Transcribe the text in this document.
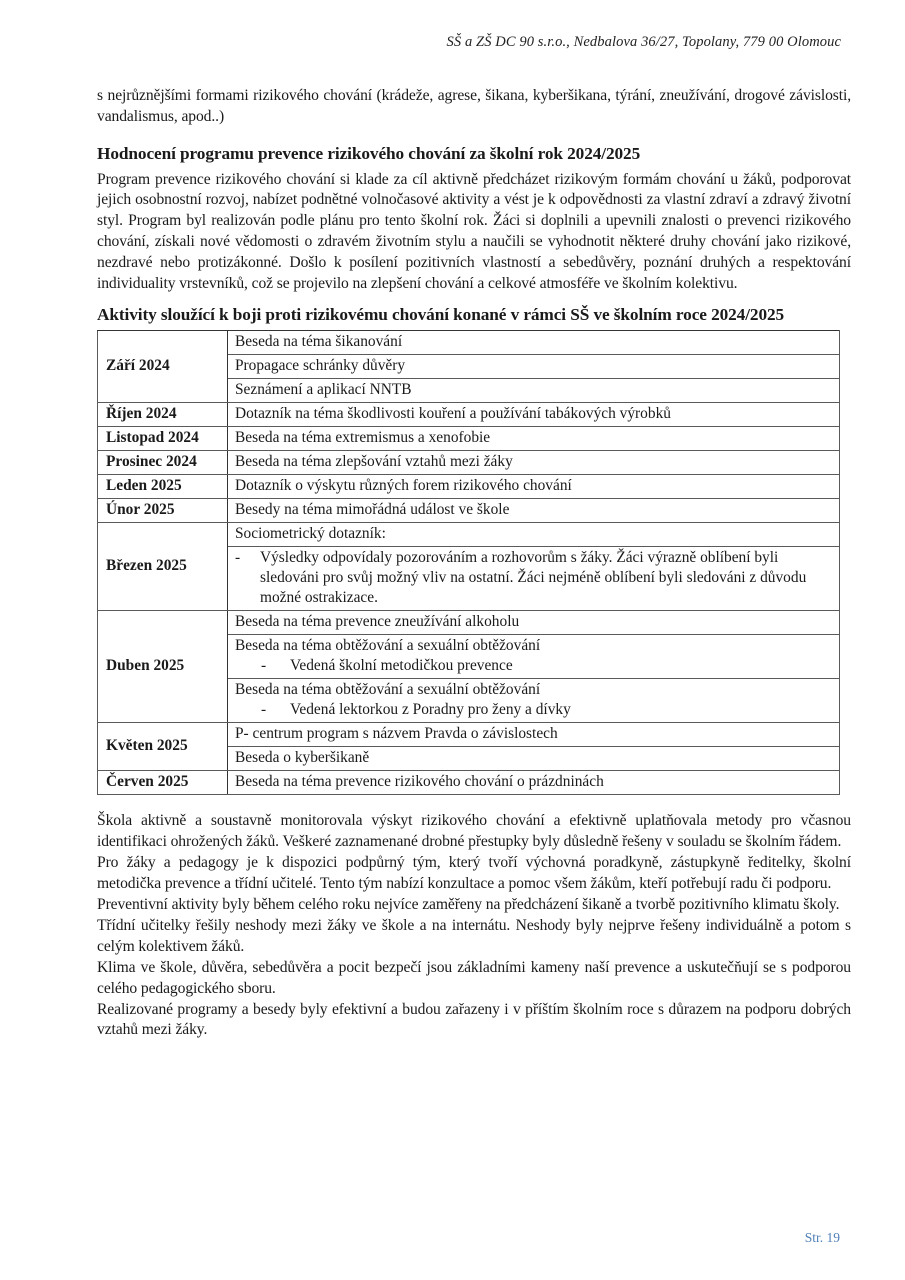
SŠ a ZŠ DC 90 s.r.o., Nedbalova 36/27, Topolany, 779 00 Olomouc

s nejrůznějšími formami rizikového chování (krádeže, agrese, šikana, kyberšikana, týrání, zneužívání, drogové závislosti, vandalismus, apod..)

Hodnocení programu prevence rizikového chování za školní rok 2024/2025

Program prevence rizikového chování si klade za cíl aktivně předcházet rizikovým formám chování u žáků, podporovat jejich osobnostní rozvoj, nabízet podnětné volnočasové aktivity a vést je k odpovědnosti za vlastní zdraví a zdravý životní styl. Program byl realizován podle plánu pro tento školní rok. Žáci si doplnili a upevnili znalosti o prevenci rizikového chování, získali nové vědomosti o zdravém životním stylu a naučili se vyhodnotit některé druhy chování jako rizikové, nezdravé nebo protizákonné. Došlo k posílení pozitivních vlastností a sebedůvěry, poznání druhých a respektování individuality vrstevníků, což se projevilo na zlepšení chování a celkové atmosféře ve školním kolektivu.

Aktivity sloužící k boji proti rizikovému chování konané v rámci SŠ ve školním roce 2024/2025
Září 2024	Beseda na téma šikanování
	Propagace schránky důvěry
	Seznámení a aplikací NNTB
Říjen 2024	Dotazník na téma škodlivosti kouření a používání tabákových výrobků
Listopad 2024	Beseda na téma extremismus a xenofobie
Prosinec 2024	Beseda na téma zlepšování vztahů mezi žáky
Leden 2025	Dotazník o výskytu různých forem rizikového chování
Únor 2025	Besedy na téma mimořádná událost ve škole
Březen 2025	Sociometrický dotazník:

	- Výsledky odpovídaly pozorováním a rozhovorům s žáky. Žáci výrazně oblíbení byli sledováni pro svůj možný vliv na ostatní. Žáci nejméně oblíbení byli sledováni z důvodu možné ostrakizace.

Duben 2025	Beseda na téma prevence zneužívání alkoholu

	Beseda na téma obtěžování a sexuální obtěžování
- Vedená školní metodičkou prevence

	Beseda na téma obtěžování a sexuální obtěžování
- Vedená lektorkou z Poradny pro ženy a dívky

Květen 2025	P- centrum program s názvem Pravda o závislostech
	Beseda o kyberšikaně
Červen 2025	Beseda na téma prevence rizikového chování o prázdninách

Škola aktivně a soustavně monitorovala výskyt rizikového chování a efektivně uplatňovala metody pro včasnou identifikaci ohrožených žáků. Veškeré zaznamenané drobné přestupky byly důsledně řešeny v souladu se školním řádem.

Pro žáky a pedagogy je k dispozici podpůrný tým, který tvoří výchovná poradkyně, zástupkyně ředitelky, školní metodička prevence a třídní učitelé. Tento tým nabízí konzultace a pomoc všem žákům, kteří potřebují radu či podporu.

Preventivní aktivity byly během celého roku nejvíce zaměřeny na předcházení šikaně a tvorbě pozitivního klimatu školy.

Třídní učitelky řešily neshody mezi žáky ve škole a na internátu. Neshody byly nejprve řešeny individuálně a potom s celým kolektivem žáků.

Klima ve škole, důvěra, sebedůvěra a pocit bezpečí jsou základními kameny naší prevence a uskutečňují se s podporou celého pedagogického sboru.

Realizované programy a besedy byly efektivní a budou zařazeny i v příštím školním roce s důrazem na podporu dobrých vztahů mezi žáky.

Str. 19
